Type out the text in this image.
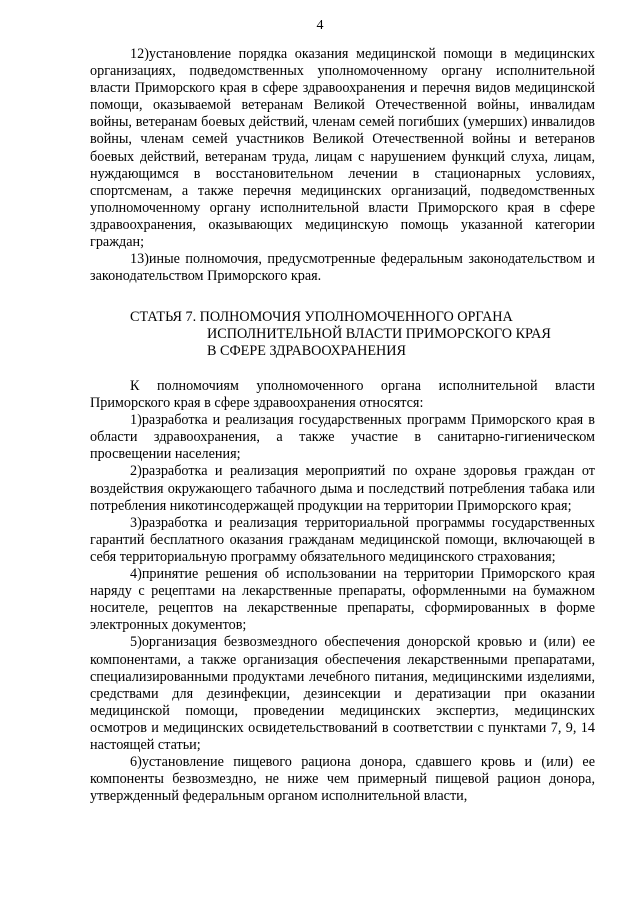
4

12)установление порядка оказания медицинской помощи в медицинских организациях, подведомственных уполномоченному органу исполнительной власти Приморского края в сфере здравоохранения и перечня видов медицинской помощи, оказываемой ветеранам Великой Отечественной войны, инвалидам войны, ветеранам боевых действий, членам семей погибших (умерших) инвалидов войны, членам семей участников Великой Отечественной войны и ветеранов боевых действий, ветеранам труда, лицам с нарушением функций слуха, лицам, нуждающимся в восстановительном лечении в стационарных условиях, спортсменам, а также перечня медицинских организаций, подведомственных уполномоченному органу исполнительной власти Приморского края в сфере здравоохранения, оказывающих медицинскую помощь указанной категории граждан;

13)иные полномочия, предусмотренные федеральным законодательством и законодательством Приморского края.

СТАТЬЯ 7. ПОЛНОМОЧИЯ УПОЛНОМОЧЕННОГО ОРГАНА
ИСПОЛНИТЕЛЬНОЙ ВЛАСТИ ПРИМОРСКОГО КРАЯ
В СФЕРЕ ЗДРАВООХРАНЕНИЯ

К полномочиям уполномоченного органа исполнительной власти Приморского края в сфере здравоохранения относятся:

1)разработка и реализация государственных программ Приморского края в области здравоохранения, а также участие в санитарно-гигиеническом просвещении населения;

2)разработка и реализация мероприятий по охране здоровья граждан от воздействия окружающего табачного дыма и последствий потребления табака или потребления никотинсодержащей продукции на территории Приморского края;

3)разработка и реализация территориальной программы государственных гарантий бесплатного оказания гражданам медицинской помощи, включающей в себя территориальную программу обязательного медицинского страхования;

4)принятие решения об использовании на территории Приморского края наряду с рецептами на лекарственные препараты, оформленными на бумажном носителе, рецептов на лекарственные препараты, сформированных в форме электронных документов;

5)организация безвозмездного обеспечения донорской кровью и (или) ее компонентами, а также организация обеспечения лекарственными препаратами, специализированными продуктами лечебного питания, медицинскими изделиями, средствами для дезинфекции, дезинсекции и дератизации при оказании медицинской помощи, проведении медицинских экспертиз, медицинских осмотров и медицинских освидетельствований в соответствии с пунктами 7, 9, 14 настоящей статьи;

6)установление пищевого рациона донора, сдавшего кровь и (или) ее компоненты безвозмездно, не ниже чем примерный пищевой рацион донора, утвержденный федеральным органом исполнительной власти,
